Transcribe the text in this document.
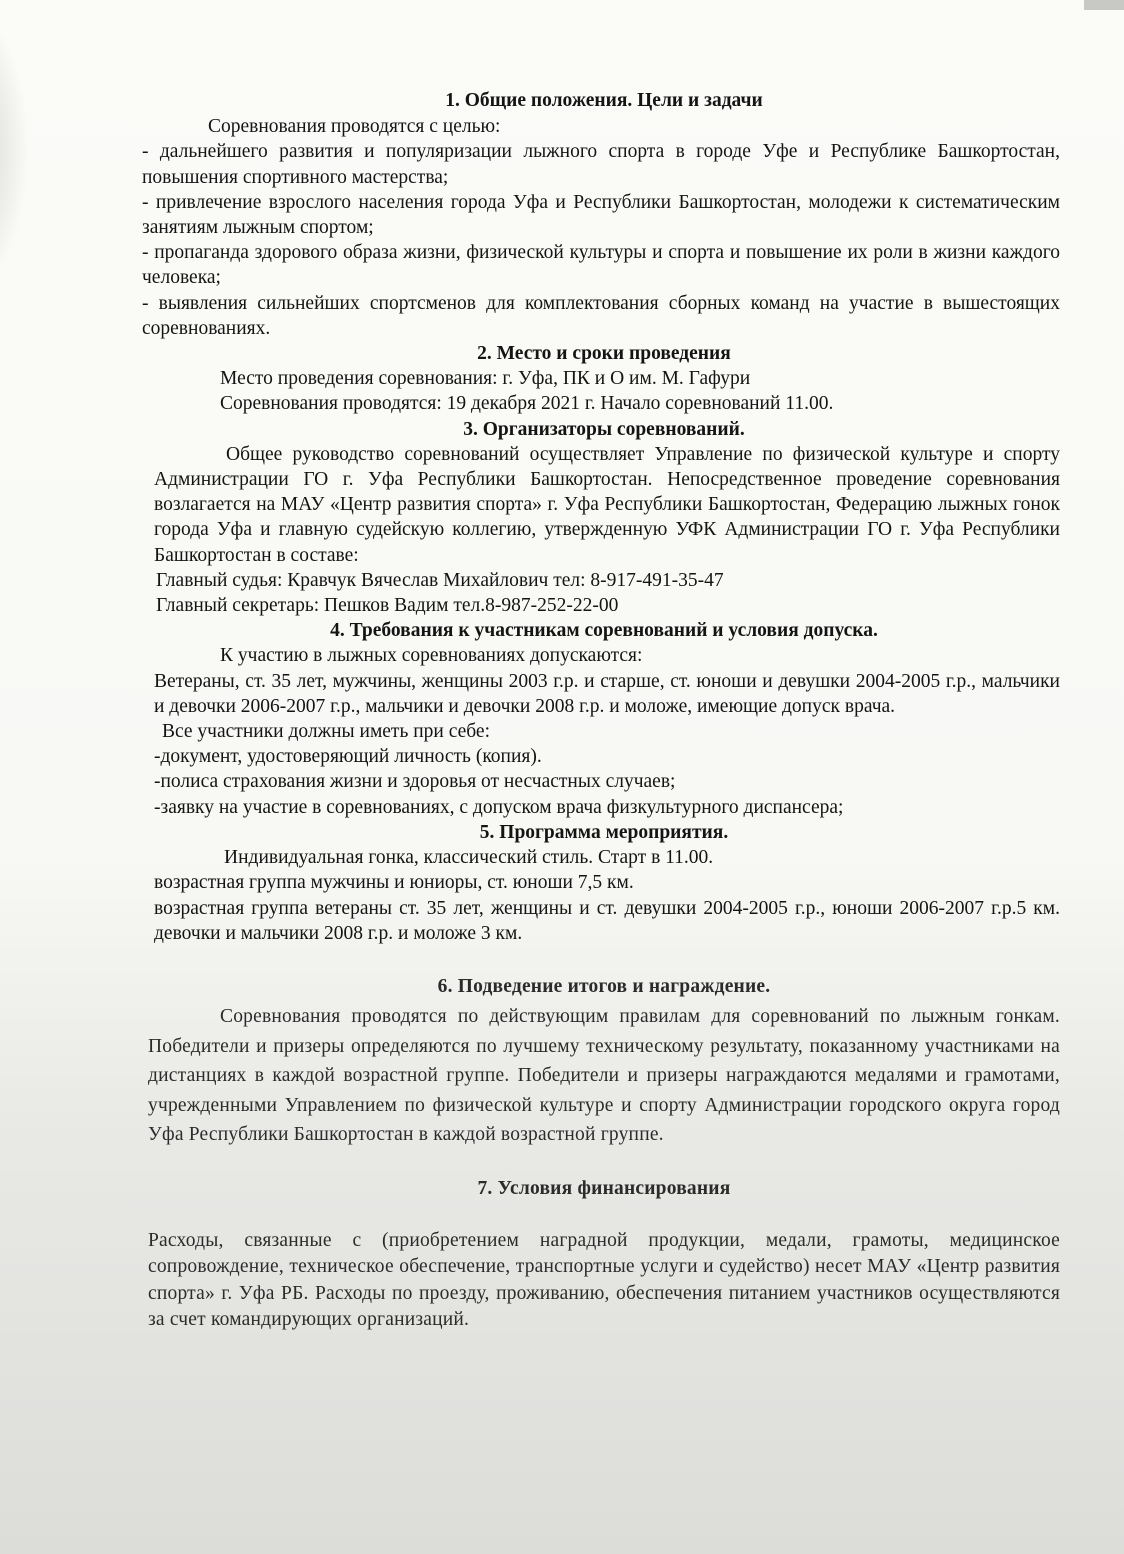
1. Общие положения. Цели и задачи

Соревнования проводятся с целью:

- дальнейшего развития и популяризации лыжного спорта в городе Уфе и Республике Башкортостан, повышения спортивного мастерства;

- привлечение взрослого населения города Уфа и Республики Башкортостан, молодежи к систематическим занятиям лыжным спортом;

- пропаганда здорового образа жизни, физической культуры и спорта и повышение их роли в жизни каждого человека;

- выявления сильнейших спортсменов для комплектования сборных команд на участие в вышестоящих соревнованиях.

2. Место и сроки проведения

Место проведения соревнования: г. Уфа, ПК и О им. М. Гафури

Соревнования проводятся: 19 декабря 2021 г. Начало соревнований 11.00.

3. Организаторы соревнований.

Общее руководство соревнований осуществляет Управление по физической культуре и спорту Администрации ГО г. Уфа Республики Башкортостан. Непосредственное проведение соревнования возлагается на МАУ «Центр развития спорта» г. Уфа Республики Башкортостан, Федерацию лыжных гонок города Уфа и главную судейскую коллегию, утвержденную УФК Администрации ГО г. Уфа Республики Башкортостан в составе:

Главный судья: Кравчук Вячеслав Михайлович тел: 8-917-491-35-47

Главный секретарь: Пешков Вадим тел.8-987-252-22-00

4. Требования к участникам соревнований и условия допуска.

К участию в лыжных соревнованиях допускаются:

Ветераны, ст. 35 лет, мужчины, женщины 2003 г.р. и старше, ст. юноши и девушки 2004-2005 г.р., мальчики и девочки 2006-2007 г.р., мальчики и девочки 2008 г.р. и моложе, имеющие допуск врача.

Все участники должны иметь при себе:

-документ, удостоверяющий личность (копия).

-полиса страхования жизни и здоровья от несчастных случаев;

-заявку на участие в соревнованиях, с допуском врача физкультурного диспансера;

5. Программа мероприятия.

Индивидуальная гонка, классический стиль. Старт в 11.00.

возрастная группа мужчины и юниоры, ст. юноши 7,5 км.

возрастная группа ветераны ст. 35 лет, женщины и ст. девушки 2004-2005 г.р., юноши 2006-2007 г.р.5 км. девочки и мальчики 2008 г.р. и моложе 3 км.

6. Подведение итогов и награждение.

Соревнования проводятся по действующим правилам для соревнований по лыжным гонкам. Победители и призеры определяются по лучшему техническому результату, показанному участниками на дистанциях в каждой возрастной группе. Победители и призеры награждаются медалями и грамотами, учрежденными Управлением по физической культуре и спорту Администрации городского округа город Уфа Республики Башкортостан в каждой возрастной группе.

7. Условия финансирования

Расходы, связанные с (приобретением наградной продукции, медали, грамоты, медицинское сопровождение, техническое обеспечение, транспортные услуги и судейство) несет МАУ «Центр развития спорта» г. Уфа РБ. Расходы по проезду, проживанию, обеспечения питанием участников осуществляются за счет командирующих организаций.
